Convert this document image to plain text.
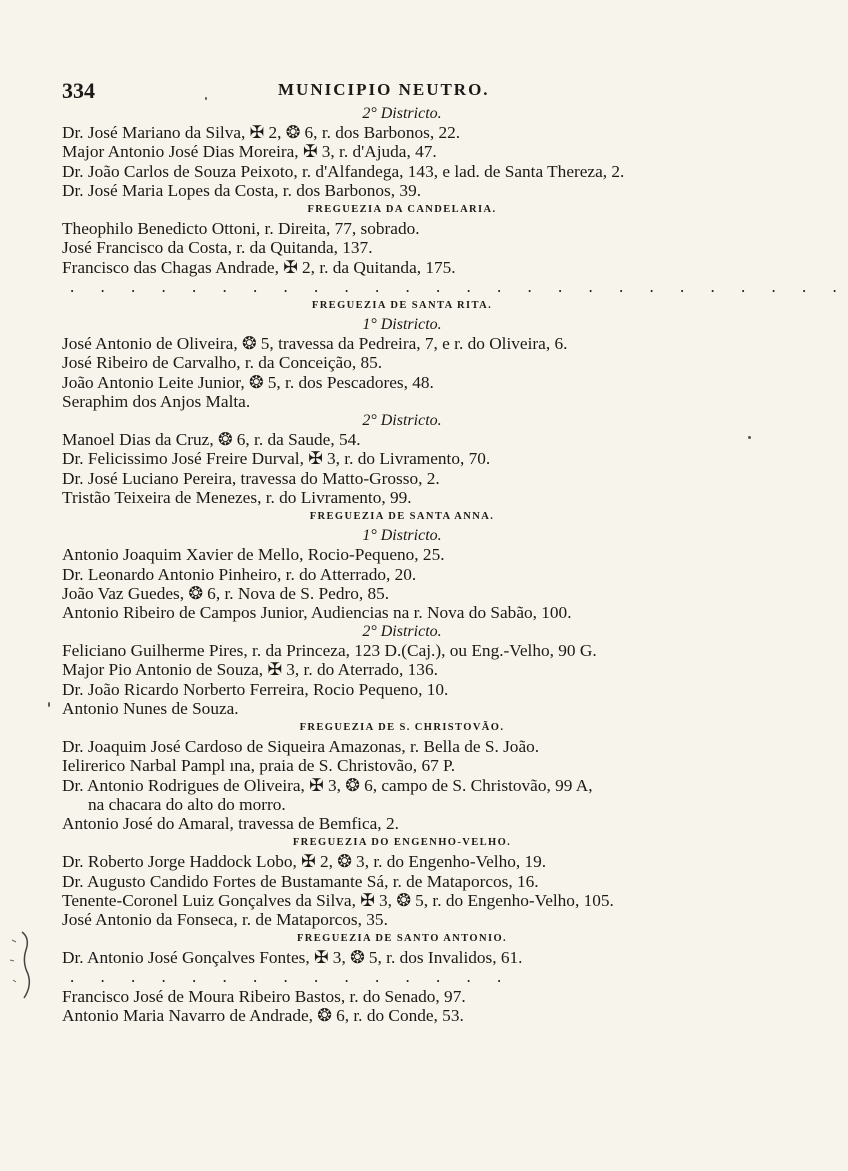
334	MUNICIPIO NEUTRO.
2° Districto.
Dr. José Mariano da Silva, ✠ 2, ❂ 6, r. dos Barbonos, 22.
Major Antonio José Dias Moreira, ✠ 3, r. d'Ajuda, 47.
Dr. João Carlos de Souza Peixoto, r. d'Alfandega, 143, e lad. de Santa Thereza, 2.
Dr. José Maria Lopes da Costa, r. dos Barbonos, 39.
FREGUEZIA DA CANDELARIA.
Theophilo Benedicto Ottoni, r. Direita, 77, sobrado.
José Francisco da Costa, r. da Quitanda, 137.
Francisco das Chagas Andrade, ✠ 2, r. da Quitanda, 175.
. . . . . . . . . . . . . . . . . . . . . . . . . .
FREGUEZIA DE SANTA RITA.
1° Districto.
José Antonio de Oliveira, ❂ 5, travessa da Pedreira, 7, e r. do Oliveira, 6.
José Ribeiro de Carvalho, r. da Conceição, 85.
João Antonio Leite Junior, ❂ 5, r. dos Pescadores, 48.
Seraphim dos Anjos Malta.
2° Districto.
Manoel Dias da Cruz, ❂ 6, r. da Saude, 54.
Dr. Felicissimo José Freire Durval, ✠ 3, r. do Livramento, 70.
Dr. José Luciano Pereira, travessa do Matto-Grosso, 2.
Tristão Teixeira de Menezes, r. do Livramento, 99.
FREGUEZIA DE SANTA ANNA.
1° Districto.
Antonio Joaquim Xavier de Mello, Rocio-Pequeno, 25.
Dr. Leonardo Antonio Pinheiro, r. do Atterrado, 20.
João Vaz Guedes, ❂ 6, r. Nova de S. Pedro, 85.
Antonio Ribeiro de Campos Junior, Audiencias na r. Nova do Sabão, 100.
2° Districto.
Feliciano Guilherme Pires, r. da Princeza, 123 D.(Caj.), ou Eng.-Velho, 90 G.
Major Pio Antonio de Souza, ✠ 3, r. do Aterrado, 136.
Dr. João Ricardo Norberto Ferreira, Rocio Pequeno, 10.
Antonio Nunes de Souza.
FREGUEZIA DE S. CHRISTOVÃO.
Dr. Joaquim José Cardoso de Siqueira Amazonas, r. Bella de S. João.
Ielirerico Narbal Pampl ına, praia de S. Christovão, 67 P.
Dr. Antonio Rodrigues de Oliveira, ✠ 3, ❂ 6, campo de S. Christovão, 99 A,
na chacara do alto do morro.
Antonio José do Amaral, travessa de Bemfica, 2.
FREGUEZIA DO ENGENHO-VELHO.
Dr. Roberto Jorge Haddock Lobo, ✠ 2, ❂ 3, r. do Engenho-Velho, 19.
Dr. Augusto Candido Fortes de Bustamante Sá, r. de Mataporcos, 16.
Tenente-Coronel Luiz Gonçalves da Silva, ✠ 3, ❂ 5, r. do Engenho-Velho, 105.
José Antonio da Fonseca, r. de Mataporcos, 35.
FREGUEZIA DE SANTO ANTONIO.
Dr. Antonio José Gonçalves Fontes, ✠ 3, ❂ 5, r. dos Invalidos, 61.
. . . . . . . . . . . . . . .
Francisco José de Moura Ribeiro Bastos, r. do Senado, 97.
Antonio Maria Navarro de Andrade, ❂ 6, r. do Conde, 53.
